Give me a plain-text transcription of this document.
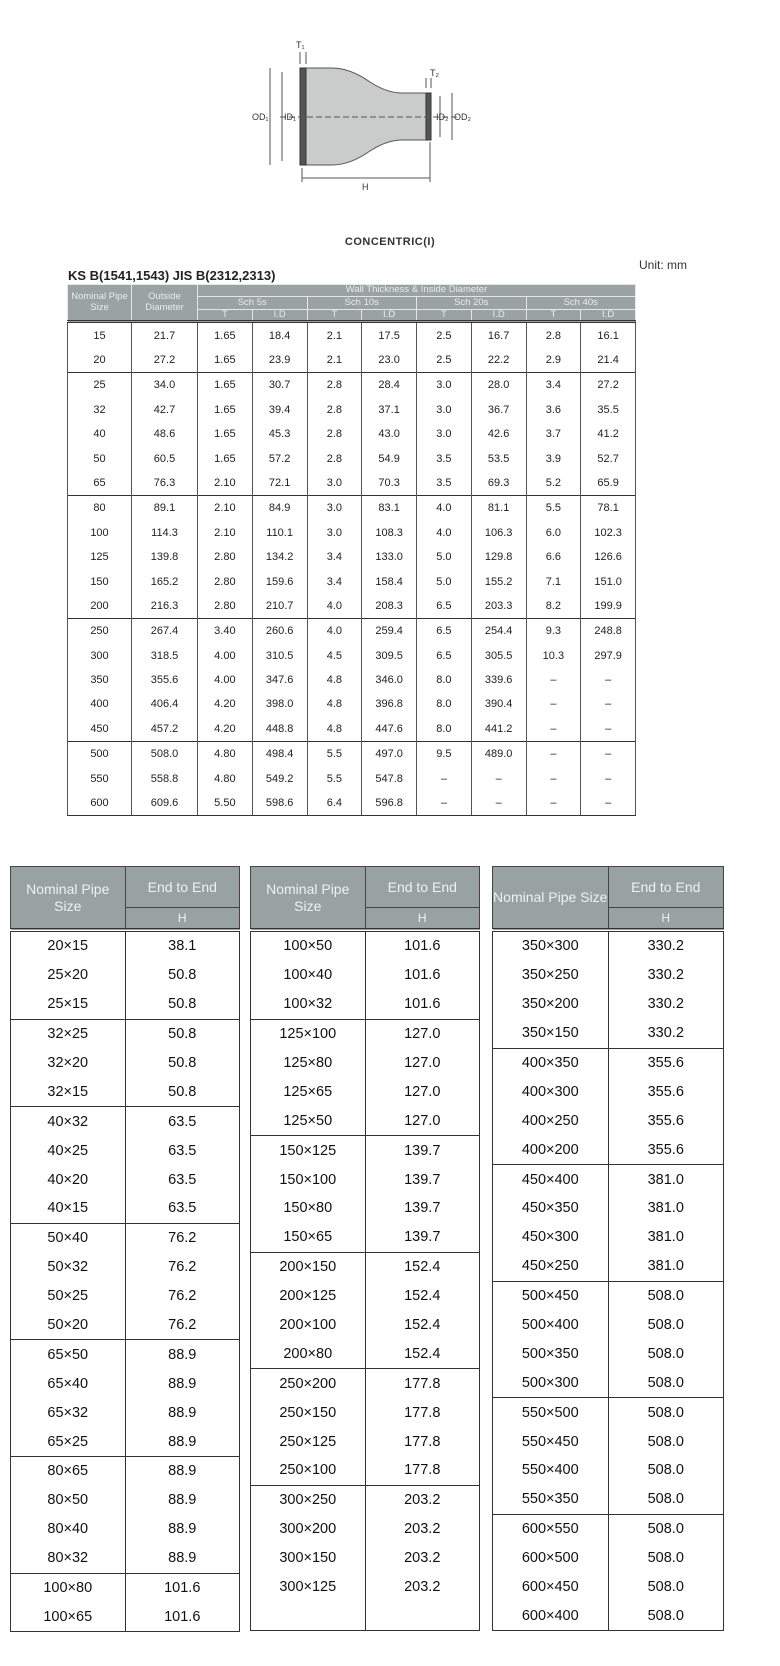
T₁
T₂
OD₁ ID₁	ID₂ OD₂
H
CONCENTRIC(I)
Unit: mm
KS B(1541,1543) JIS B(2312,2313)
Nominal Pipe Size	Outside Diameter	Wall Thickness & Inside Diameter							
		Sch 5s		Sch 10s		Sch 20s		Sch 40s	
		T	I.D	T	I.D	T	I.D	T	I.D
15	21.7	1.65	18.4	2.1	17.5	2.5	16.7	2.8	16.1
20	27.2	1.65	23.9	2.1	23.0	2.5	22.2	2.9	21.4
25	34.0	1.65	30.7	2.8	28.4	3.0	28.0	3.4	27.2
32	42.7	1.65	39.4	2.8	37.1	3.0	36.7	3.6	35.5
40	48.6	1.65	45.3	2.8	43.0	3.0	42.6	3.7	41.2
50	60.5	1.65	57.2	2.8	54.9	3.5	53.5	3.9	52.7
65	76.3	2.10	72.1	3.0	70.3	3.5	69.3	5.2	65.9
80	89.1	2.10	84.9	3.0	83.1	4.0	81.1	5.5	78.1
100	114.3	2.10	110.1	3.0	108.3	4.0	106.3	6.0	102.3
125	139.8	2.80	134.2	3.4	133.0	5.0	129.8	6.6	126.6
150	165.2	2.80	159.6	3.4	158.4	5.0	155.2	7.1	151.0
200	216.3	2.80	210.7	4.0	208.3	6.5	203.3	8.2	199.9
250	267.4	3.40	260.6	4.0	259.4	6.5	254.4	9.3	248.8
300	318.5	4.00	310.5	4.5	309.5	6.5	305.5	10.3	297.9
350	355.6	4.00	347.6	4.8	346.0	8.0	339.6	–	–
400	406.4	4.20	398.0	4.8	396.8	8.0	390.4	–	–
450	457.2	4.20	448.8	4.8	447.6	8.0	441.2	–	–
500	508.0	4.80	498.4	5.5	497.0	9.5	489.0	–	–
550	558.8	4.80	549.2	5.5	547.8	–	–	–	–
600	609.6	5.50	598.6	6.4	596.8	–	–	–	–
Nominal Pipe Size	End to End
	H
20×15	38.1
25×20	50.8
25×15	50.8
32×25	50.8
32×20	50.8
32×15	50.8
40×32	63.5
40×25	63.5
40×20	63.5
40×15	63.5
50×40	76.2
50×32	76.2
50×25	76.2
50×20	76.2
65×50	88.9
65×40	88.9
65×32	88.9
65×25	88.9
80×65	88.9
80×50	88.9
80×40	88.9
80×32	88.9
100×80	101.6
100×65	101.6
Nominal Pipe Size	End to End
	H
100×50	101.6
100×40	101.6
100×32	101.6
125×100	127.0
125×80	127.0
125×65	127.0
125×50	127.0
150×125	139.7
150×100	139.7
150×80	139.7
150×65	139.7
200×150	152.4
200×125	152.4
200×100	152.4
200×80	152.4
250×200	177.8
250×150	177.8
250×125	177.8
250×100	177.8
300×250	203.2
300×200	203.2
300×150	203.2
300×125	203.2

Nominal Pipe Size	End to End
	H
350×300	330.2
350×250	330.2
350×200	330.2
350×150	330.2
400×350	355.6
400×300	355.6
400×250	355.6
400×200	355.6
450×400	381.0
450×350	381.0
450×300	381.0
450×250	381.0
500×450	508.0
500×400	508.0
500×350	508.0
500×300	508.0
550×500	508.0
550×450	508.0
550×400	508.0
550×350	508.0
600×550	508.0
600×500	508.0
600×450	508.0
600×400	508.0
